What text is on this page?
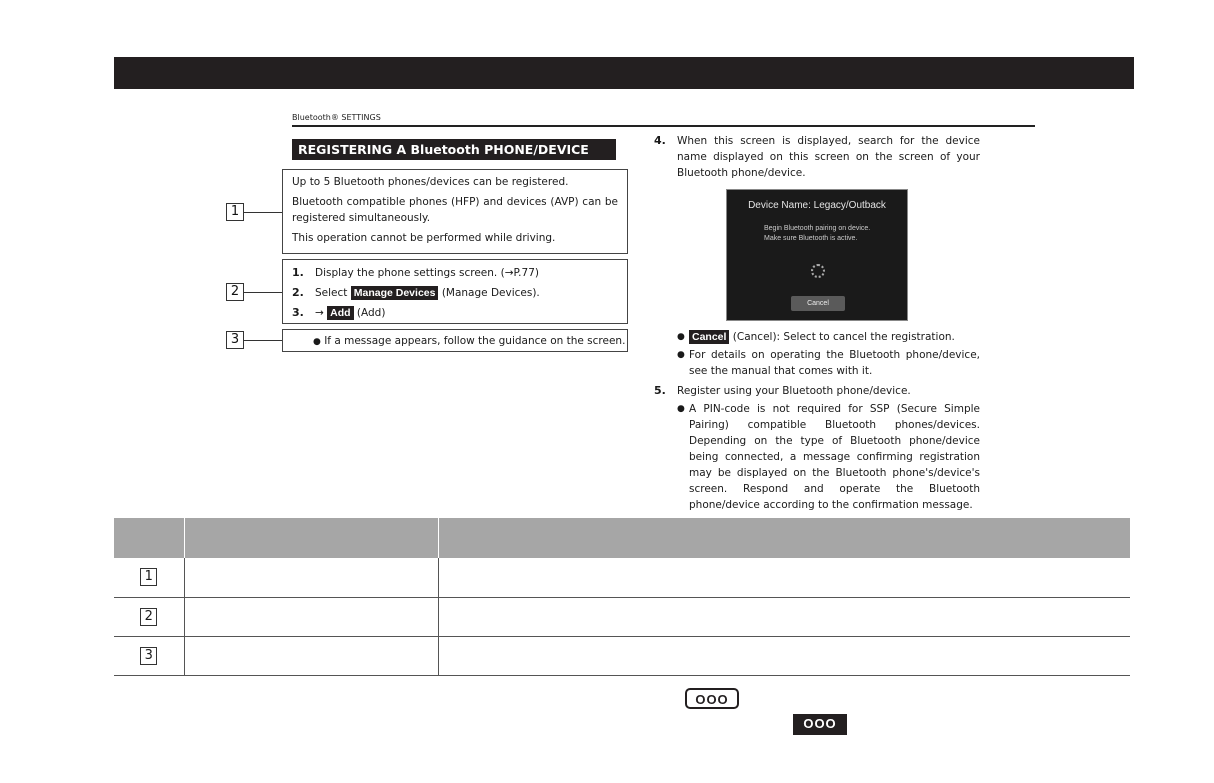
Bluetooth® SETTINGS
REGISTERING A Bluetooth PHONE/DEVICE

Up to 5 Bluetooth phones/devices can be registered.

Bluetooth compatible phones (HFP) and devices (AVP) can be registered simultaneously.

This operation cannot be performed while driving.

1. Display the phone settings screen. (→P.77)
2. Select Manage Devices (Manage Devices).
3. → Add (Add)
● If a message appears, follow the guidance on the screen.
1
2
3
4.	When this screen is displayed, search for the device name displayed on this screen on the screen of your Bluetooth phone/device.
Device Name: Legacy/Outback
Begin Bluetooth pairing on device.
Make sure Bluetooth is active.
Cancel
● Cancel (Cancel): Select to cancel the registration.
● For details on operating the Bluetooth phone/device, see the manual that comes with it.
5.	Register using your Bluetooth phone/device.
● A PIN-code is not required for SSP (Secure Simple Pairing) compatible Bluetooth phones/devices. Depending on the type of Bluetooth phone/device being connected, a message confirming registration may be displayed on the Bluetooth phone's/device's screen. Respond and operate the Bluetooth phone/device according to the confirmation message.

1		
2		
3		
OOO
OOO
